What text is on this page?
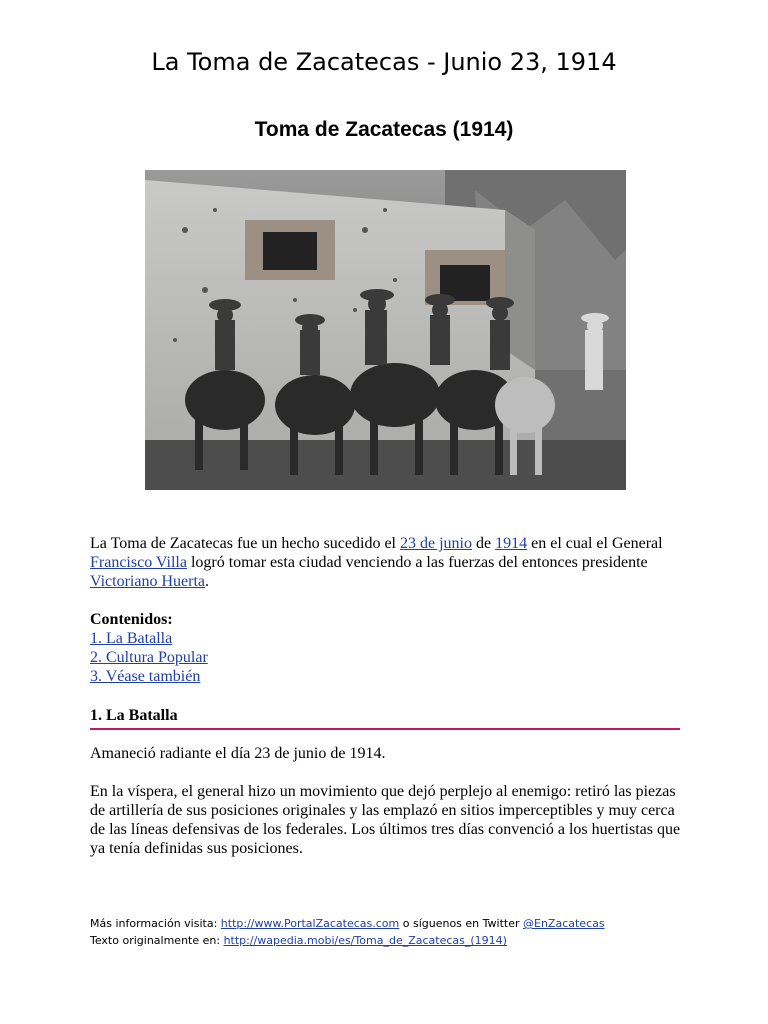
La Toma de Zacatecas - Junio 23, 1914
Toma de Zacatecas (1914)
La Toma de Zacatecas fue un hecho sucedido el 23 de junio de 1914 en el cual el General Francisco Villa logró tomar esta ciudad venciendo a las fuerzas del entonces presidente Victoriano Huerta.
Contenidos:
1. La Batalla
2. Cultura Popular
3. Véase también
1. La Batalla
Amaneció radiante el día 23 de junio de 1914.
En la víspera, el general hizo un movimiento que dejó perplejo al enemigo: retiró las piezas de artillería de sus posiciones originales y las emplazó en sitios imperceptibles y muy cerca de las líneas defensivas de los federales. Los últimos tres días convenció a los huertistas que ya tenía definidas sus posiciones.
Más información visita: http://www.PortalZacatecas.com o síguenos en Twitter @EnZacatecas
Texto originalmente en: http://wapedia.mobi/es/Toma_de_Zacatecas_(1914)
